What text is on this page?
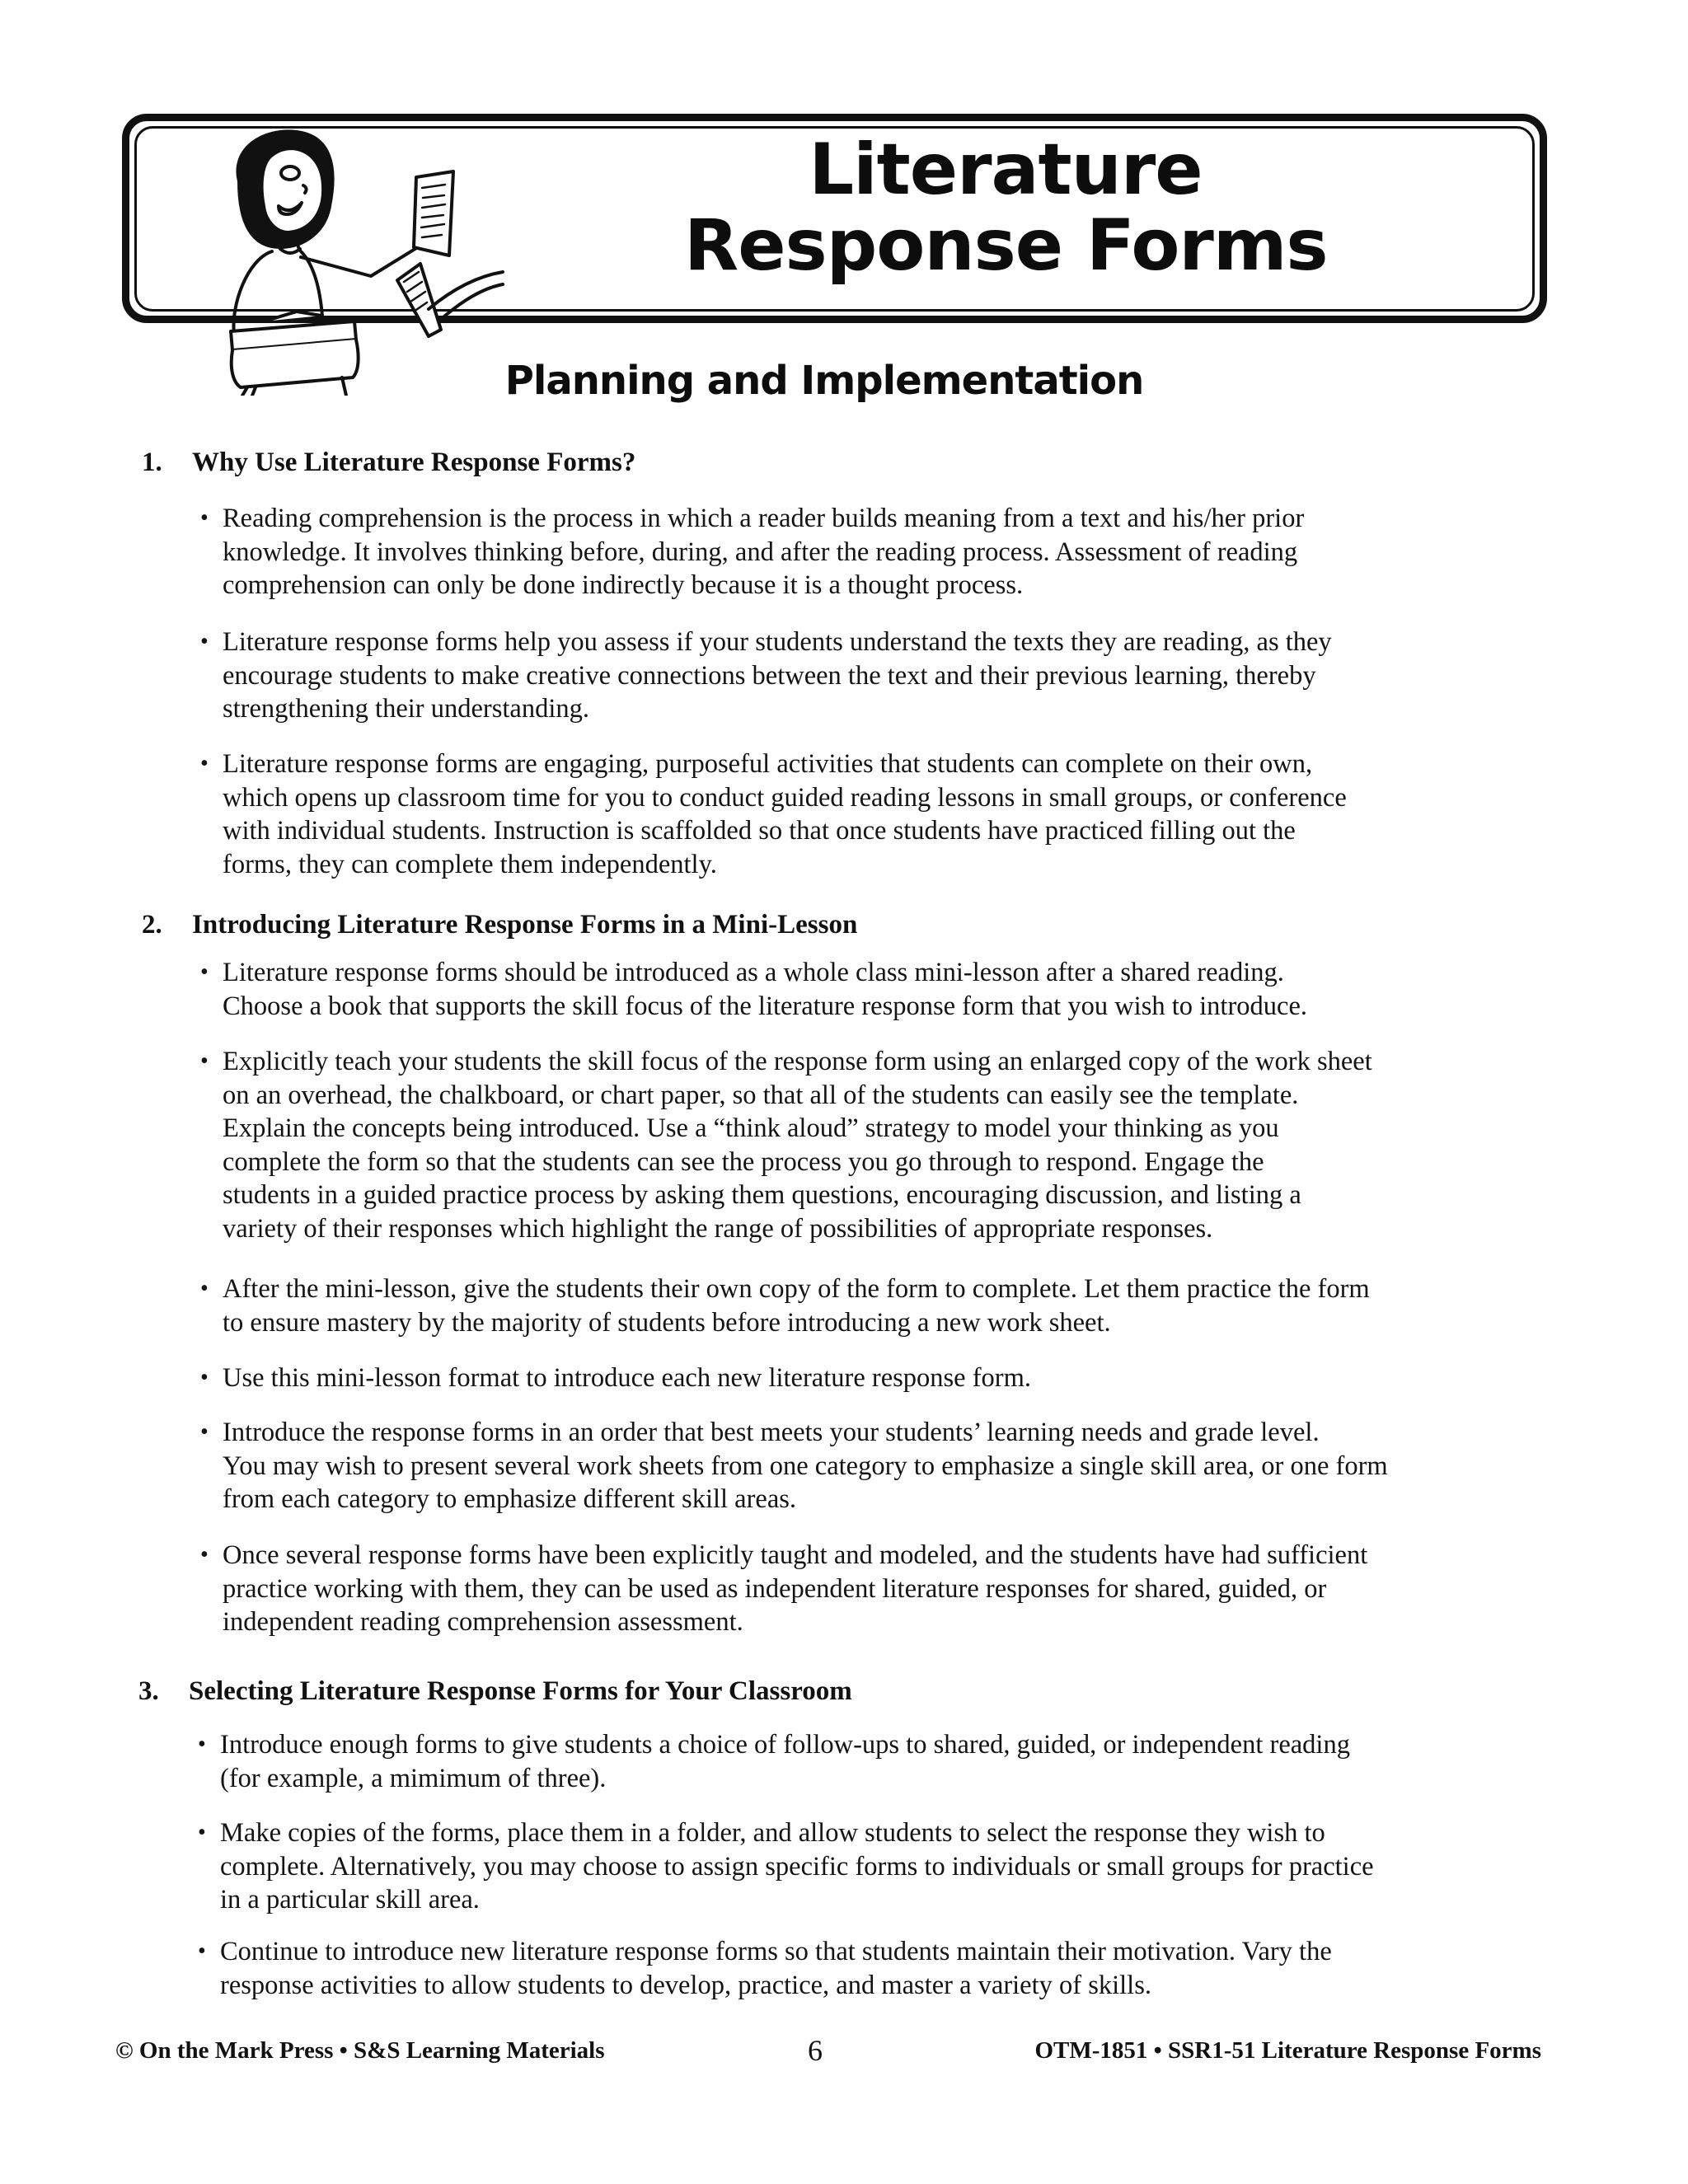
Literature
Response Forms
Planning and Implementation
1. Why Use Literature Response Forms?
• Reading comprehension is the process in which a reader builds meaning from a text and his/her prior
knowledge. It involves thinking before, during, and after the reading process. Assessment of reading
comprehension can only be done indirectly because it is a thought process.
• Literature response forms help you assess if your students understand the texts they are reading, as they
encourage students to make creative connections between the text and their previous learning, thereby
strengthening their understanding.
• Literature response forms are engaging, purposeful activities that students can complete on their own,
which opens up classroom time for you to conduct guided reading lessons in small groups, or conference
with individual students. Instruction is scaffolded so that once students have practiced filling out the
forms, they can complete them independently.
2. Introducing Literature Response Forms in a Mini-Lesson
• Literature response forms should be introduced as a whole class mini-lesson after a shared reading.
Choose a book that supports the skill focus of the literature response form that you wish to introduce.
• Explicitly teach your students the skill focus of the response form using an enlarged copy of the work sheet
on an overhead, the chalkboard, or chart paper, so that all of the students can easily see the template.
Explain the concepts being introduced. Use a “think aloud” strategy to model your thinking as you
complete the form so that the students can see the process you go through to respond. Engage the
students in a guided practice process by asking them questions, encouraging discussion, and listing a
variety of their responses which highlight the range of possibilities of appropriate responses.
• After the mini-lesson, give the students their own copy of the form to complete. Let them practice the form
to ensure mastery by the majority of students before introducing a new work sheet.
• Use this mini-lesson format to introduce each new literature response form.
• Introduce the response forms in an order that best meets your students’ learning needs and grade level.
You may wish to present several work sheets from one category to emphasize a single skill area, or one form
from each category to emphasize different skill areas.
• Once several response forms have been explicitly taught and modeled, and the students have had sufficient
practice working with them, they can be used as independent literature responses for shared, guided, or
independent reading comprehension assessment.
3. Selecting Literature Response Forms for Your Classroom
• Introduce enough forms to give students a choice of follow-ups to shared, guided, or independent reading
(for example, a mimimum of three).
• Make copies of the forms, place them in a folder, and allow students to select the response they wish to
complete. Alternatively, you may choose to assign specific forms to individuals or small groups for practice
in a particular skill area.
• Continue to introduce new literature response forms so that students maintain their motivation. Vary the
response activities to allow students to develop, practice, and master a variety of skills.
© On the Mark Press • S&S Learning Materials	6	OTM-1851 • SSR1-51 Literature Response Forms
